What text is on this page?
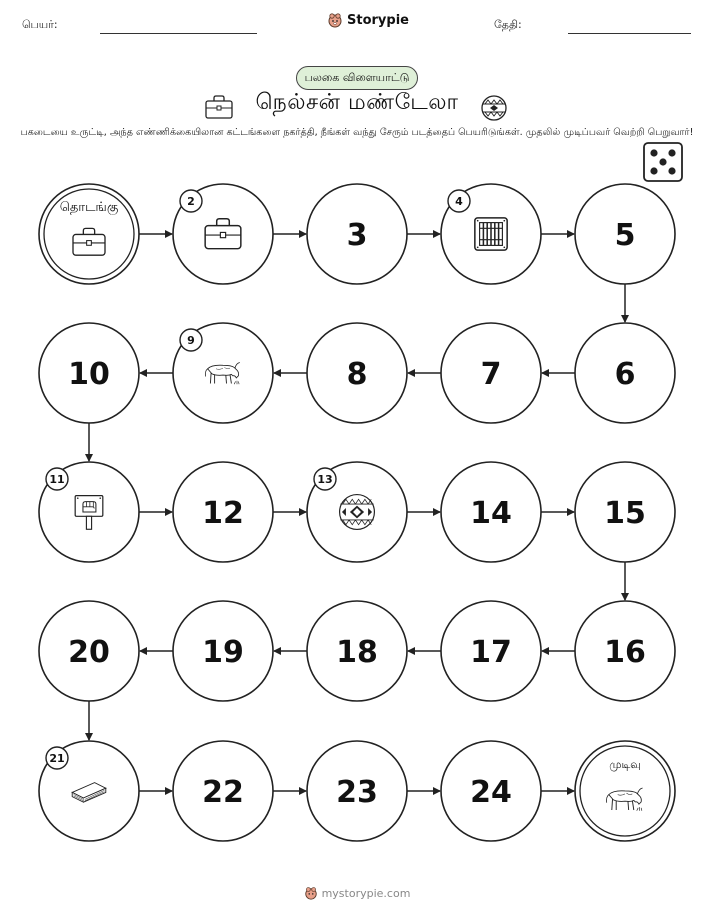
பெயர்:	Storypie	தேதி:
பலகை விளையாட்டு
நெல்சன் மண்டேலா
பகடையை உருட்டி, அந்த எண்ணிக்கையிலான கட்டங்களை நகர்த்தி, நீங்கள் வந்து சேரும் படத்தைப் பெயரிடுங்கள். முதலில் முடிப்பவர் வெற்றி பெறுவார்!
தொடங்கு	2
3
4
5
6
7
8
9
10
11
12
13
14	15
16
17
18
19
20
21
22	23	24
முடிவு
mystorypie.com
